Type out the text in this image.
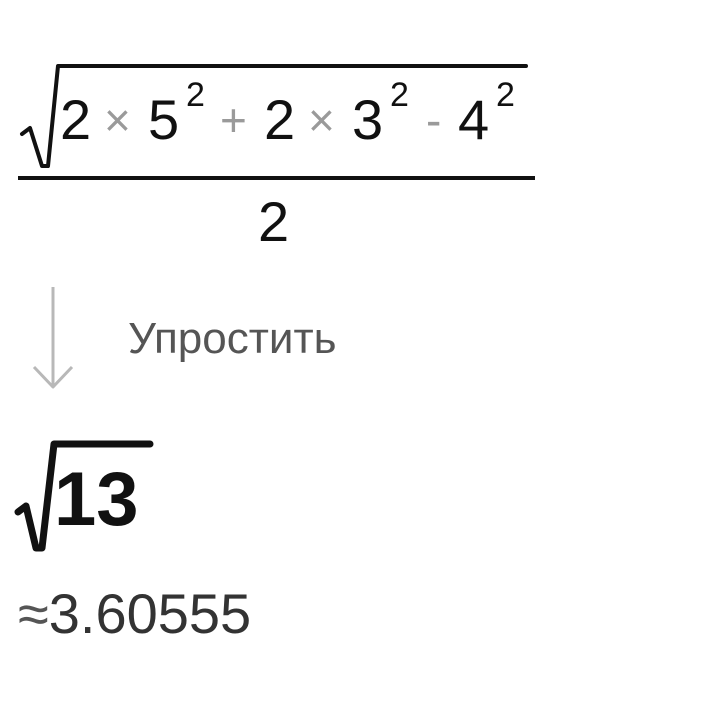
2 × 5 2 + 2 × 3 2 - 4 2
2
Упростить
13
≈3.60555
